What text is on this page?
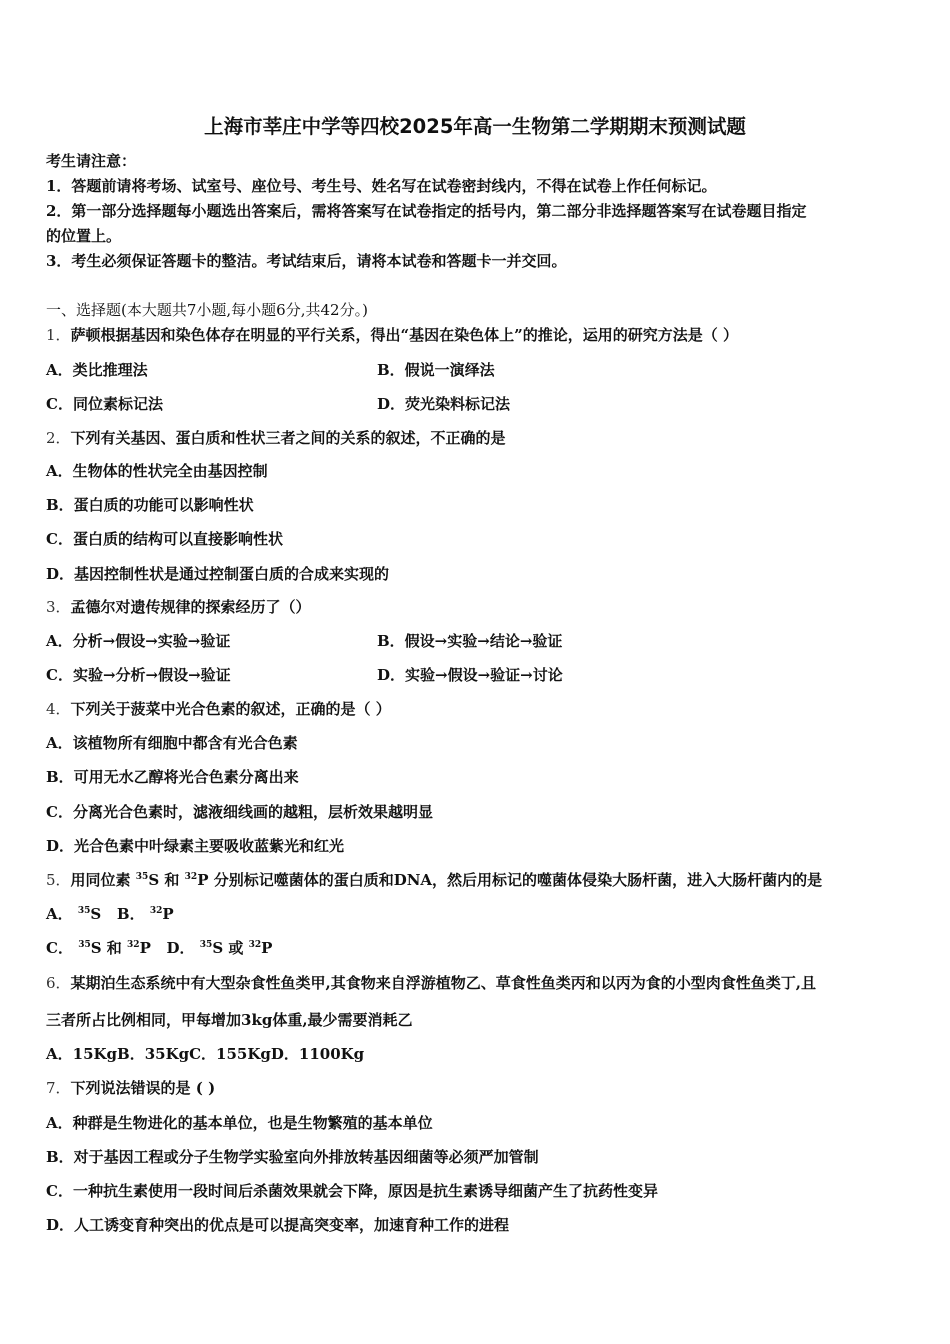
上海市莘庄中学等四校2025年高一生物第二学期期末预测试题
考生请注意：
1．答题前请将考场、试室号、座位号、考生号、姓名写在试卷密封线内，不得在试卷上作任何标记。
2．第一部分选择题每小题选出答案后，需将答案写在试卷指定的括号内，第二部分非选择题答案写在试卷题目指定
的位置上。
3．考生必须保证答题卡的整洁。考试结束后，请将本试卷和答题卡一并交回。
一、选择题(本大题共7小题,每小题6分,共42分。)
1．萨顿根据基因和染色体存在明显的平行关系，得出“基因在染色体上”的推论，运用的研究方法是（ ）
A．类比推理法	B．假说一演绎法
C．同位素标记法	D．荧光染料标记法
2．下列有关基因、蛋白质和性状三者之间的关系的叙述，不正确的是
A．生物体的性状完全由基因控制
B．蛋白质的功能可以影响性状
C．蛋白质的结构可以直接影响性状
D．基因控制性状是通过控制蛋白质的合成来实现的
3．孟德尔对遗传规律的探索经历了（）
A．分析→假设→实验→验证	B．假设→实验→结论→验证
C．实验→分析→假设→验证	D．实验→假设→验证→讨论
4．下列关于菠菜中光合色素的叙述，正确的是（ ）
A．该植物所有细胞中都含有光合色素
B．可用无水乙醇将光合色素分离出来
C．分离光合色素时，滤液细线画的越粗，层析效果越明显
D．光合色素中叶绿素主要吸收蓝紫光和红光
5．用同位素 $^{35}$S 和 $^{32}$P 分别标记噬菌体的蛋白质和DNA，然后用标记的噬菌体侵染大肠杆菌，进入大肠杆菌内的是
A． $^{35}$S B． $^{32}$P
C． $^{35}$S 和 $^{32}$P D． $^{35}$S 或 $^{32}$P
6．某期泊生态系统中有大型杂食性鱼类甲,其食物来自浮游植物乙、草食性鱼类丙和以丙为食的小型肉食性鱼类丁,且
三者所占比例相同，甲每增加3kg体重,最少需要消耗乙
A．15KgB．35KgC．155KgD．1100Kg
7．下列说法错误的是 ( )
A．种群是生物进化的基本单位，也是生物繁殖的基本单位
B．对于基因工程或分子生物学实验室向外排放转基因细菌等必须严加管制
C．一种抗生素使用一段时间后杀菌效果就会下降，原因是抗生素诱导细菌产生了抗药性变异
D．人工诱变育种突出的优点是可以提高突变率，加速育种工作的进程
